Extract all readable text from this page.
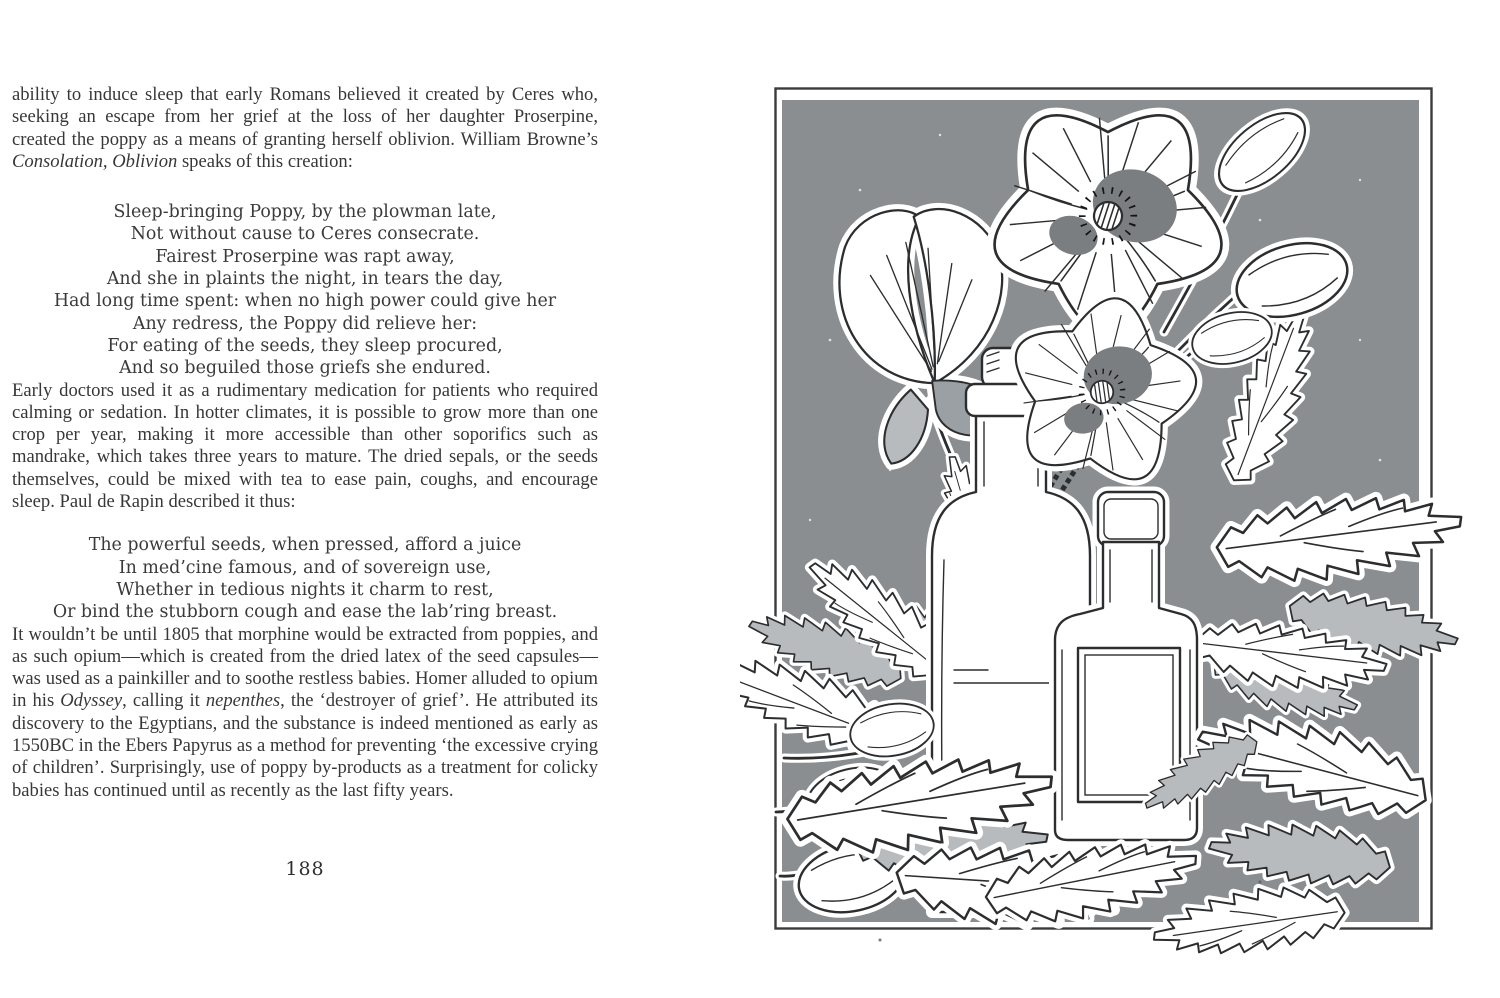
ability to induce sleep that early Romans believed it created by Ceres who, seeking an escape from her grief at the loss of her daughter Proserpine, created the poppy as a means of granting herself oblivion. William Browne’s Consolation, Oblivion speaks of this creation:

Sleep-bringing Poppy, by the plowman late,
Not without cause to Ceres consecrate.
Fairest Proserpine was rapt away,
And she in plaints the night, in tears the day,
Had long time spent: when no high power could give her
Any redress, the Poppy did relieve her:
For eating of the seeds, they sleep procured,
And so beguiled those griefs she endured.

Early doctors used it as a rudimentary medication for patients who required calming or sedation. In hotter climates, it is possible to grow more than one crop per year, making it more accessible than other soporifics such as mandrake, which takes three years to mature. The dried sepals, or the seeds themselves, could be mixed with tea to ease pain, coughs, and encourage sleep. Paul de Rapin described it thus:

The powerful seeds, when pressed, afford a juice
In med’cine famous, and of sovereign use,
Whether in tedious nights it charm to rest,
Or bind the stubborn cough and ease the lab’ring breast.

It wouldn’t be until 1805 that morphine would be extracted from poppies, and as such opium—which is created from the dried latex of the seed capsules—was used as a painkiller and to soothe restless babies. Homer alluded to opium in his Odyssey, calling it nepenthes, the ‘destroyer of grief’. He attributed its discovery to the Egyptians, and the substance is indeed mentioned as early as 1550BC in the Ebers Papyrus as a method for preventing ‘the excessive crying of children’. Surprisingly, use of poppy by-products as a treatment for colicky babies has continued until as recently as the last fifty years.

188
